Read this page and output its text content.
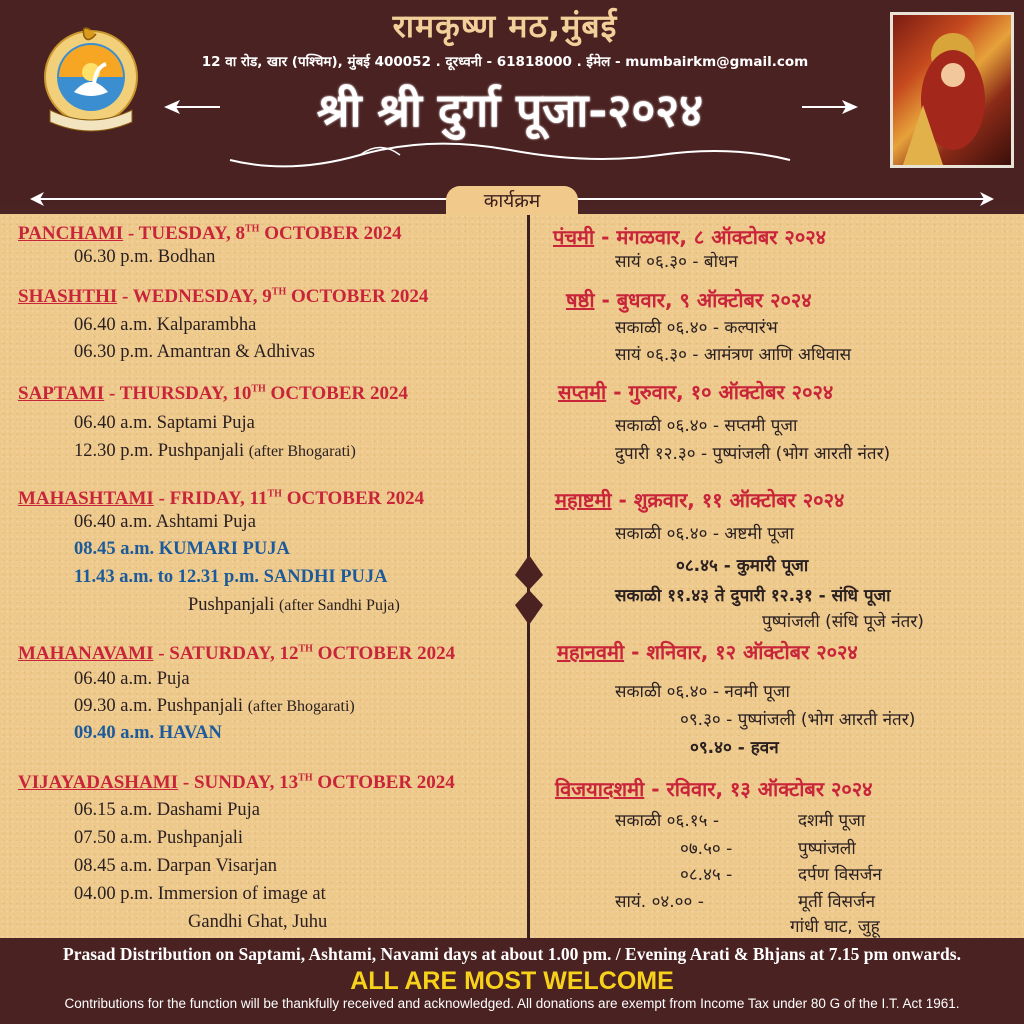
रामकृष्ण मठ,मुंबई
12 वा रोड, खार (पश्चिम), मुंबई 400052 . दूरध्वनी - 61818000 . ईमेल - mumbairkm@gmail.com
श्री श्री दुर्गा पूजा-२०२४
कार्यक्रम
PANCHAMI - TUESDAY, 8TH OCTOBER 2024
06.30 p.m. Bodhan
SHASHTHI - WEDNESDAY, 9TH OCTOBER 2024
06.40 a.m. Kalparambha
06.30 p.m. Amantran & Adhivas
SAPTAMI - THURSDAY, 10TH OCTOBER 2024
06.40 a.m. Saptami Puja
12.30 p.m. Pushpanjali (after Bhogarati)
MAHASHTAMI - FRIDAY, 11TH OCTOBER 2024
06.40 a.m. Ashtami Puja
08.45 a.m. KUMARI PUJA
11.43 a.m. to 12.31 p.m. SANDHI PUJA
Pushpanjali (after Sandhi Puja)
MAHANAVAMI - SATURDAY, 12TH OCTOBER 2024
06.40 a.m. Puja
09.30 a.m. Pushpanjali (after Bhogarati)
09.40 a.m. HAVAN
VIJAYADASHAMI - SUNDAY, 13TH OCTOBER 2024
06.15 a.m. Dashami Puja
07.50 a.m. Pushpanjali
08.45 a.m. Darpan Visarjan
04.00 p.m. Immersion of image at
Gandhi Ghat, Juhu
पंचमी - मंगळवार, ८ ऑक्टोबर २०२४
सायं ०६.३० - बोधन
षष्ठी - बुधवार, ९ ऑक्टोबर २०२४
सकाळी ०६.४० - कल्पारंभ
सायं ०६.३० - आमंत्रण आणि अधिवास
सप्तमी - गुरुवार, १० ऑक्टोबर २०२४
सकाळी ०६.४० - सप्तमी पूजा
दुपारी १२.३० - पुष्पांजली (भोग आरती नंतर)
महाष्टमी - शुक्रवार, ११ ऑक्टोबर २०२४
सकाळी ०६.४० - अष्टमी पूजा
०८.४५ - कुमारी पूजा
सकाळी ११.४३ ते दुपारी १२.३१ - संधि पूजा
पुष्पांजली (संधि पूजे नंतर)
महानवमी - शनिवार, १२ ऑक्टोबर २०२४
सकाळी ०६.४० - नवमी पूजा
०९.३० - पुष्पांजली (भोग आरती नंतर)
०९.४० - हवन
विजयादशमी - रविवार, १३ ऑक्टोबर २०२४
सकाळी ०६.१५ -	दशमी पूजा
०७.५० -	पुष्पांजली
०८.४५ -	दर्पण विसर्जन
सायं. ०४.०० -	मूर्ती विसर्जन
गांधी घाट, जुहू
Prasad Distribution on Saptami, Ashtami, Navami days at about 1.00 pm. / Evening Arati & Bhjans at 7.15 pm onwards.
ALL ARE MOST WELCOME
Contributions for the function will be thankfully received and acknowledged. All donations are exempt from Income Tax under 80 G of the I.T. Act 1961.
